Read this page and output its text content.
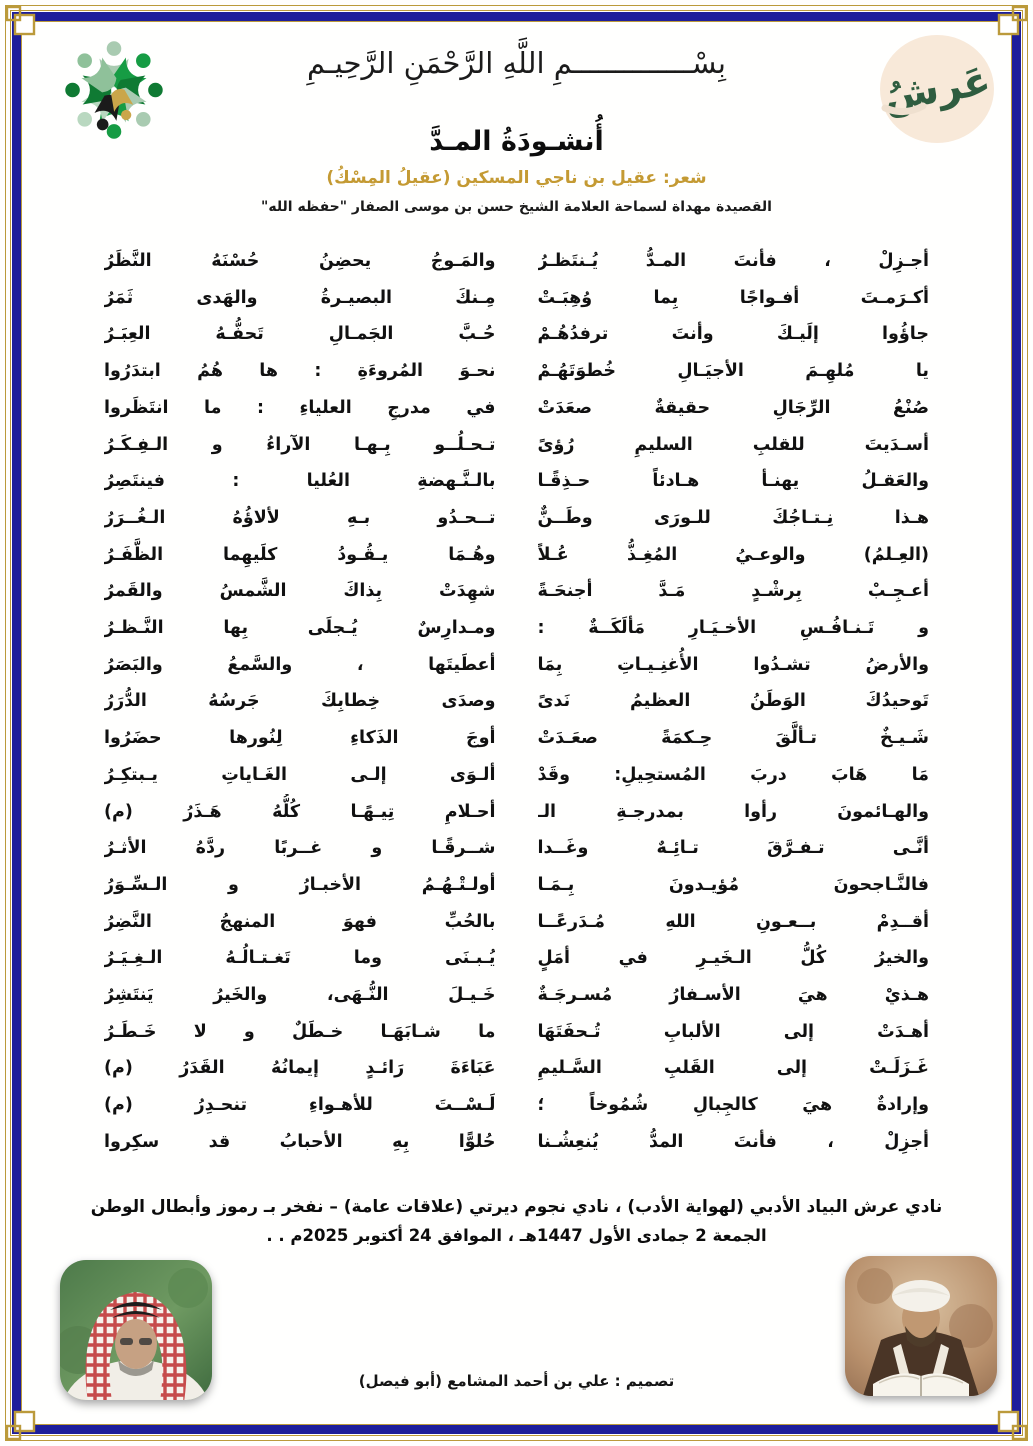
بِسْــــــــــــــمِ اللَّهِ الرَّحْمَنِ الرَّحِيـمِ	عَرشُ
أُنشـودَةُ المـدَّ
شعر: عقيل بن ناجي المسكين (عقيلُ المِسْكُ)
القصيدة مهداة لسماحة العلامة الشيخ حسن بن موسى الصفار "حفظه الله"
أجـزِلْ ، فأنتَ المـدُّ يُـنتَظـرُ
والمَـوجُ يحضِنُ حُسْنَهُ النَّظَرُ
أكـرَمـتَ أفـواجًا بِما وُهِبَـتْ
مِـنكَ البصيـرةُ والهَدى ثَمَرُ
جاؤُوا إلَيـكَ وأنتَ ترفدُهُـمْ
حُـبَّ الجَمـالِ تَحفُّـهُ العِبَـرُ
يا مُلهِـمَ الأجيَـالِ خُطوَتَهُـمْ
نحـوَ المُروءَةِ : ها هُمُ ابتدَرُوا
صُنْعُ الرِّجَالِ حقيقةٌ صعَدَتْ
في مدرجِ العلياءِ : ما انتَظَروا
أسـدَيتَ للقلبِ السليمِ رُؤىً
تـحـلُــو بِـهـا الآراءُ و الـفِـكَـرُ
والعَقـلُ يهنـأ هـادئاً حـذِقًـا
بالـنَّـهضةِ العُليا : فينتَصِرُ
هـذا نِـتـاجُكَ للـورَى وطَــنٌّ
تــحـدُو بـهِ لألاؤُهُ الـغُــرَرُ
(العِـلمُ) والوعـيُ المُغِـذُّ عُـلاً
وهُـمَا يـقُـودُ كلَيهِما الظَّفَـرُ
أعـجِـبْ بِرشْـدٍ مَـدَّ أجنحَـةً
شهِدَتْ بِذاكَ الشَّمسُ والقَمرُ
و تَـنـافُـسِ الأخـيَـارِ مَألَكَــةٌ :
ومـدارِسٌ يُـجلَى بِها النَّـظـرُ
والأرضُ تشـدُوا الأُغنِـيـاتِ بِمَا
أعطَيتَها ، والسَّمعُ والبَصَرُ
تَوحيدُكَ الوَطَنُ العظيمُ نَدىً
وصدَى خِطابِكَ جَرسُهُ الدُّرَرُ
شَـيـخٌ تـألَّقَ حِـكمَةً صعَـدَتْ
أوجَ الذَكاءِ لِنُورها حضَرُوا
مَا هَابَ دربَ المُستحِيلِ: وقَدْ
ألـوَى إلـى الغَـاياتِ يـبتكِـرُ
والهـائمونَ رأوا بمدرجـةِ الـ
أحـلامِ تِيـهًـا كُلُّهُ هَـذَرُ (م)
أنَّـى تـفـرَّقَ تـائِـهٌ وغَــدا
شــرقًـا و غــربًا ردَّهُ الأثـرُ
فالنَّـاجحونَ مُؤيـدونَ بِـمَـا
أولـتْـهُـمُ الأخبـارُ و الـسِّـوَرُ
أقــدِمْ بــعـونِ اللهِ مُـدَرعًــا
بالحُبِّ فهوَ المنهجُ النَّضِرُ
والخيرُ كُلُّ الـخَيـرِ في أمَلٍ
يُـبـنَى وما تَغـتـالُـهُ الـغِـيَـرُ
هـذيْ هيَ الأسـفارُ مُسـرجَـةٌ
خَـيـلَ النُّـهَى، والخَيرُ يَنتَشِرُ
أهـدَتْ إلى الألبابِ تُـحفَتَهَا
ما شـابَهَـا خـطَلٌ و لا خَـطَـرُ
غَـزَلَـتْ إلى القَلبِ السَّـليمِ
عَبَاءَةَ رَائـدٍ إيمانُهُ القَدَرُ (م)
وإرادةٌ هيَ كالجِبالِ شُمُوخاً ؛
لَـسْــتَ للأهـواءِ تنحـدِرُ (م)
أجزِلْ ، فأنتَ المدُّ يُنعِشُـنا
حُلوًّا بِهِ الأحبابُ قد سكِروا
نادي عرش البياد الأدبي (لهواية الأدب) ، نادي نجوم ديرتي (علاقات عامة) – نفخر بـ رموز وأبطال الوطن
الجمعة 2 جمادى الأول 1447هـ ، الموافق 24 أكتوبر 2025م . .
تصميم : علي بن أحمد المشامع (أبو فيصل)
